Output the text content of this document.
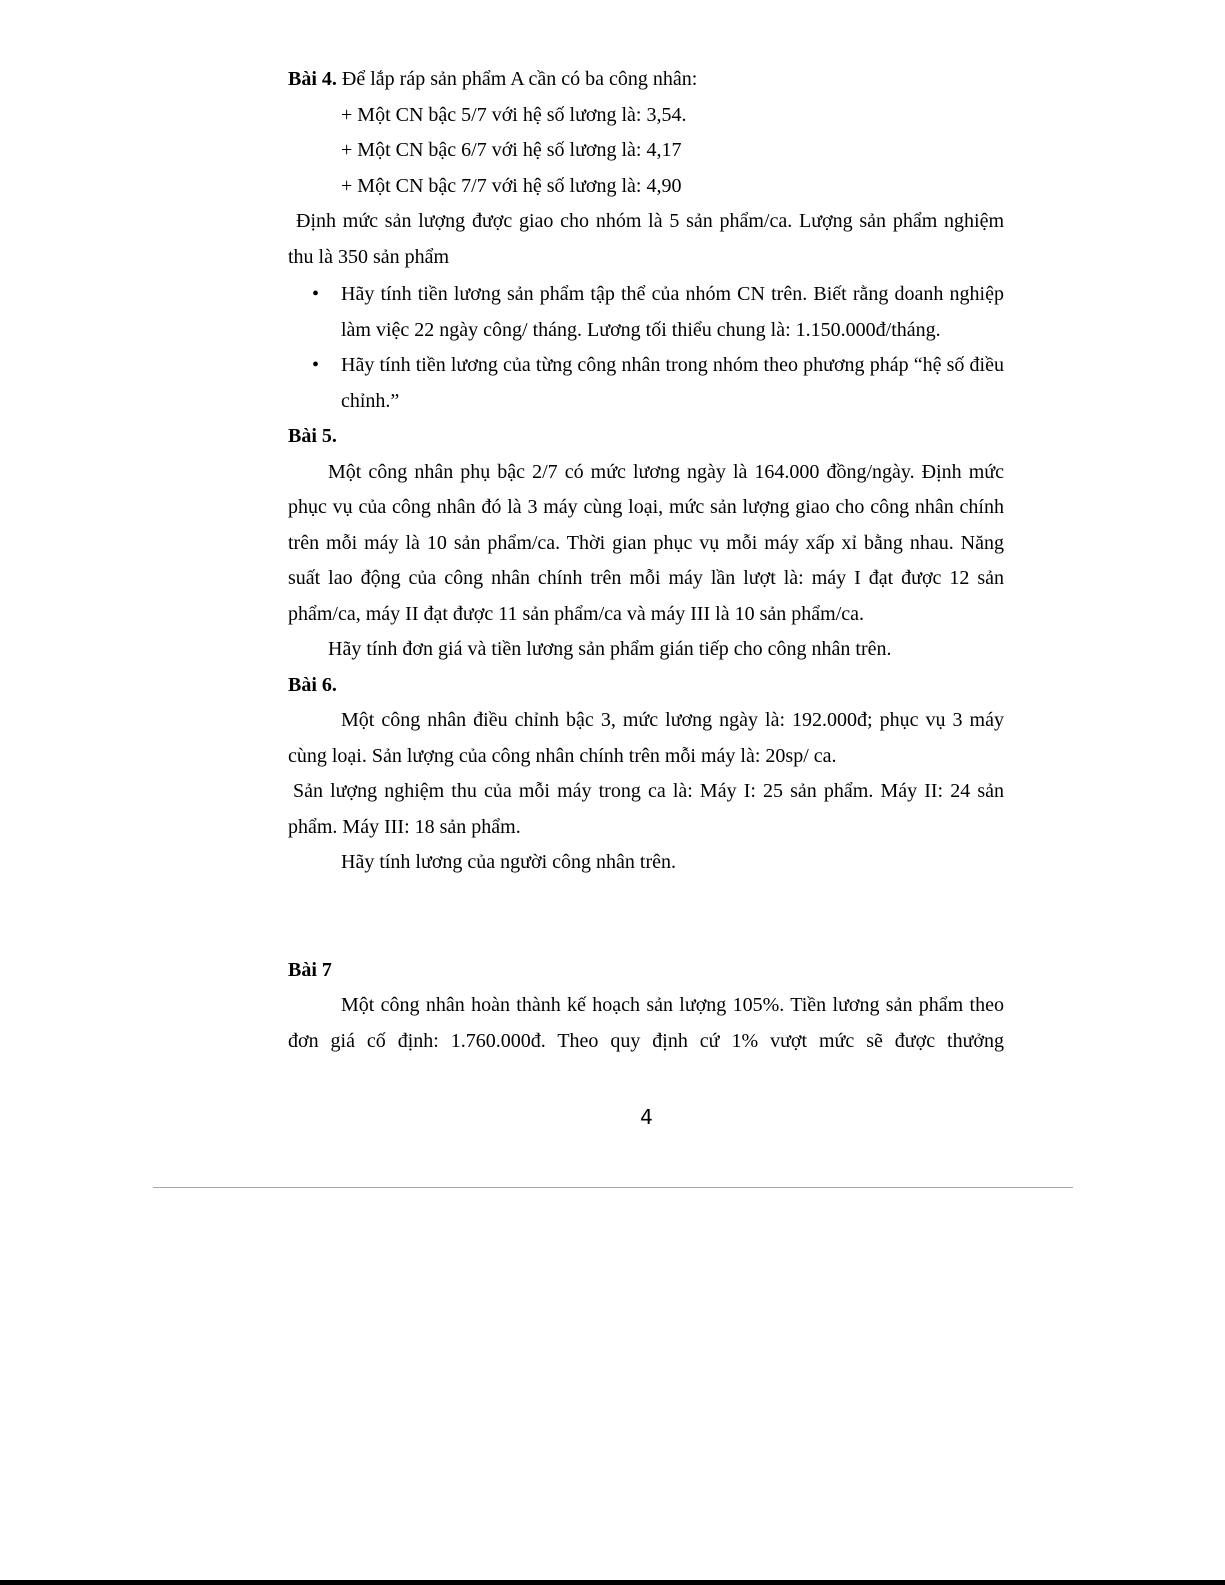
Bài 4. Để lắp ráp sản phẩm A cần có ba công nhân:

+ Một CN bậc 5/7 với hệ số lương là: 3,54.

+ Một CN bậc 6/7 với hệ số lương là: 4,17

+ Một CN bậc 7/7 với hệ số lương là: 4,90

Định mức sản lượng được giao cho nhóm là 5 sản phẩm/ca. Lượng sản phẩm nghiệm thu là 350 sản phẩm

• Hãy tính tiền lương sản phẩm tập thể của nhóm CN trên. Biết rằng doanh nghiệp làm việc 22 ngày công/ tháng. Lương tối thiểu chung là: 1.150.000đ/tháng.
• Hãy tính tiền lương của từng công nhân trong nhóm theo phương pháp “hệ số điều chỉnh.”

Bài 5.

Một công nhân phụ bậc 2/7 có mức lương ngày là 164.000 đồng/ngày. Định mức phục vụ của công nhân đó là 3 máy cùng loại, mức sản lượng giao cho công nhân chính trên mỗi máy là 10 sản phẩm/ca. Thời gian phục vụ mỗi máy xấp xỉ bằng nhau. Năng suất lao động của công nhân chính trên mỗi máy lần lượt là: máy I đạt được 12 sản phẩm/ca, máy II đạt được 11 sản phẩm/ca và máy III là 10 sản phẩm/ca.

Hãy tính đơn giá và tiền lương sản phẩm gián tiếp cho công nhân trên.

Bài 6.

Một công nhân điều chỉnh bậc 3, mức lương ngày là: 192.000đ; phục vụ 3 máy cùng loại. Sản lượng của công nhân chính trên mỗi máy là: 20sp/ ca.

Sản lượng nghiệm thu của mỗi máy trong ca là: Máy I: 25 sản phẩm. Máy II: 24 sản phẩm. Máy III: 18 sản phẩm.

Hãy tính lương của người công nhân trên.

Bài 7

Một công nhân hoàn thành kế hoạch sản lượng 105%. Tiền lương sản phẩm theo đơn giá cố định: 1.760.000đ. Theo quy định cứ 1% vượt mức sẽ được thưởng

4
